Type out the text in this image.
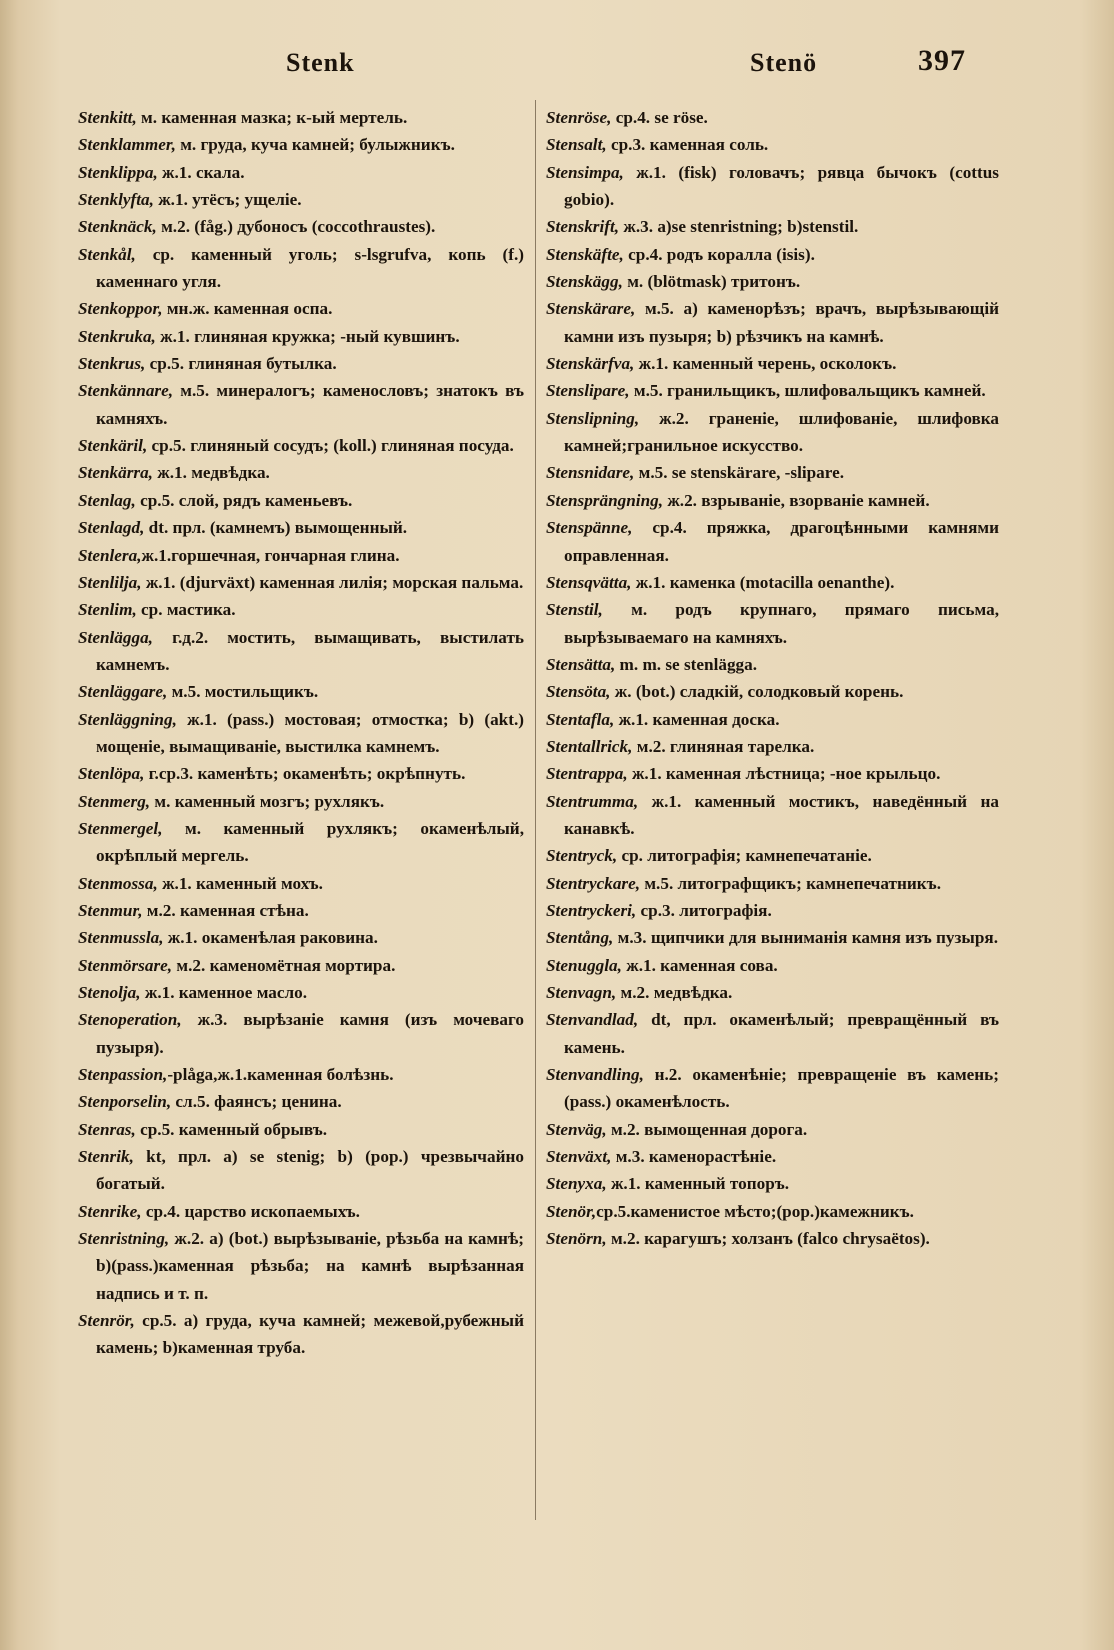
Stenk	Stenö	397

Stenkitt, м. каменная мазка; к-ый мертель.

Stenklammer, м. груда, куча камней; булыжникъ.

Stenklippa, ж.1. скала.

Stenklyfta, ж.1. утёсъ; ущеліе.

Stenknäck, м.2. (fåg.) дубоносъ (coccothraustes).

Stenkål, ср. каменный уголь; s-lsgrufva, копь (f.) каменнаго угля.

Stenkoppor, мн.ж. каменная оспа.

Stenkruka, ж.1. глиняная кружка; -ный кувшинъ.

Stenkrus, ср.5. глиняная бутылка.

Stenkännare, м.5. минералогъ; каменословъ; знатокъ въ камняхъ.

Stenkäril, ср.5. глиняный сосудъ; (koll.) глиняная посуда.

Stenkärra, ж.1. медвѣдка.

Stenlag, ср.5. слой, рядъ каменьевъ.

Stenlagd, dt. прл. (камнемъ) вымощенный.

Stenlera,ж.1.горшечная, гончарная глина.

Stenlilja, ж.1. (djurväxt) каменная лилія; морская пальма.

Stenlim, ср. мастика.

Stenlägga, г.д.2. мостить, вымащивать, выстилать камнемъ.

Stenläggare, м.5. мостильщикъ.

Stenläggning, ж.1. (pass.) мостовая; отмостка; b) (akt.) мощеніе, вымащиваніе, выстилка камнемъ.

Stenlöpa, г.ср.3. каменѣть; окаменѣть; окрѣпнуть.

Stenmerg, м. каменный мозгъ; рухлякъ.

Stenmergel, м. каменный рухлякъ; окаменѣлый, окрѣплый мергель.

Stenmossa, ж.1. каменный мохъ.

Stenmur, м.2. каменная стѣна.

Stenmussla, ж.1. окаменѣлая раковина.

Stenmörsare, м.2. каменомётная мортира.

Stenolja, ж.1. каменное масло.

Stenoperation, ж.3. вырѣзаніе камня (изъ мочеваго пузыря).

Stenpassion,-plåga,ж.1.каменная болѣзнь.

Stenporselin, сл.5. фаянсъ; ценина.

Stenras, ср.5. каменный обрывъ.

Stenrik, kt, прл. a) se stenig; b) (pop.) чрезвычайно богатый.

Stenrike, ср.4. царство ископаемыхъ.

Stenristning, ж.2. a) (bot.) вырѣзываніе, рѣзьба на камнѣ; b)(pass.)каменная рѣзьба; на камнѣ вырѣзанная надпись и т. п.

Stenrör, ср.5. a) груда, куча камней; межевой,рубежный камень; b)каменная труба.

Stenröse, ср.4. se röse.

Stensalt, ср.3. каменная соль.

Stensimpa, ж.1. (fisk) головачъ; рявца бычокъ (cottus gobio).

Stenskrift, ж.3. a)se stenristning; b)stenstil.

Stenskäfte, ср.4. родъ коралла (isis).

Stenskägg, м. (blötmask) тритонъ.

Stenskärare, м.5. a) каменорѣзъ; врачъ, вырѣзывающій камни изъ пузыря; b) рѣзчикъ на камнѣ.

Stenskärfva, ж.1. каменный черень, осколокъ.

Stenslipare, м.5. гранильщикъ, шлифовальщикъ камней.

Stenslipning, ж.2. граненіе, шлифованіе, шлифовка камней;гранильное искусство.

Stensnidare, м.5. se stenskärare, -slipare.

Stensprängning, ж.2. взрываніе, взорваніе камней.

Stenspänne, ср.4. пряжка, драгоцѣнными камнями оправленная.

Stensqvätta, ж.1. каменка (motacilla oenanthe).

Stenstil, м. родъ крупнаго, прямаго письма, вырѣзываемаго на камняхъ.

Stensätta, m. m. se stenlägga.

Stensöta, ж. (bot.) сладкій, солодковый корень.

Stentafla, ж.1. каменная доска.

Stentallrick, м.2. глиняная тарелка.

Stentrappa, ж.1. каменная лѣстница; -ное крыльцо.

Stentrumma, ж.1. каменный мостикъ, наведённый на канавкѣ.

Stentryck, ср. литографія; камнепечатаніе.

Stentryckare, м.5. литографщикъ; камнепечатникъ.

Stentryckeri, ср.3. литографія.

Stentång, м.3. щипчики для выниманія камня изъ пузыря.

Stenuggla, ж.1. каменная сова.

Stenvagn, м.2. медвѣдка.

Stenvandlad, dt, прл. окаменѣлый; превращённый въ камень.

Stenvandling, н.2. окаменѣніе; превращеніе въ камень; (pass.) окаменѣлость.

Stenväg, м.2. вымощенная дорога.

Stenväxt, м.3. каменорастѣніе.

Stenyxa, ж.1. каменный топоръ.

Stenör,ср.5.каменистое мѣсто;(pop.)камежникъ.

Stenörn, м.2. карагушъ; холзанъ (falco chrysaëtos).
